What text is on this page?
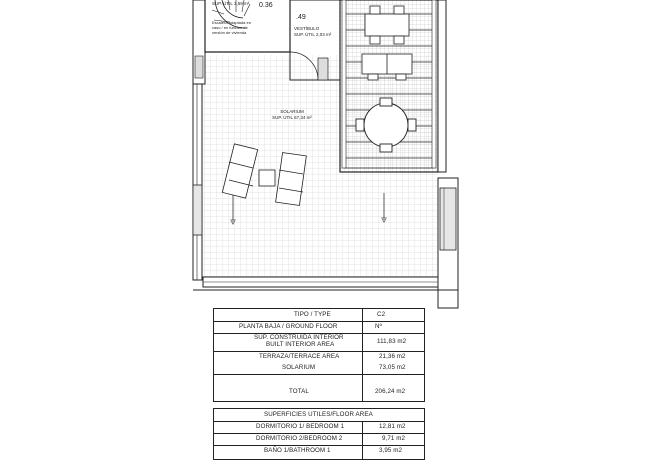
SUP. ÚTIL 3,59 m² 0.36
.49
Escalera adaptada en caso / en función de versión de vivienda
VESTÍBULO SUP. ÚTIL 2,03 m²
SOLARIUM SUP. ÚTIL 67,34 m²
TIPO / TYPE	C2
PLANTA BAJA / GROUND FLOOR	Nº
SUP. CONSTRUIDA INTERIOR
BUILT INTERIOR AREA	111,83 m2
TERRAZA/TERRACE AREA	21,36 m2
SOLARIUM	73,05 m2
TOTAL	206,24 m2
SUPERFICIES UTILES/FLOOR AREA
DORMITORIO 1/ BEDROOM 1	12,81 m2
DORMITORIO 2/BEDROOM 2	9,71 m2
BAÑO 1/BATHROOM 1	3,95 m2
